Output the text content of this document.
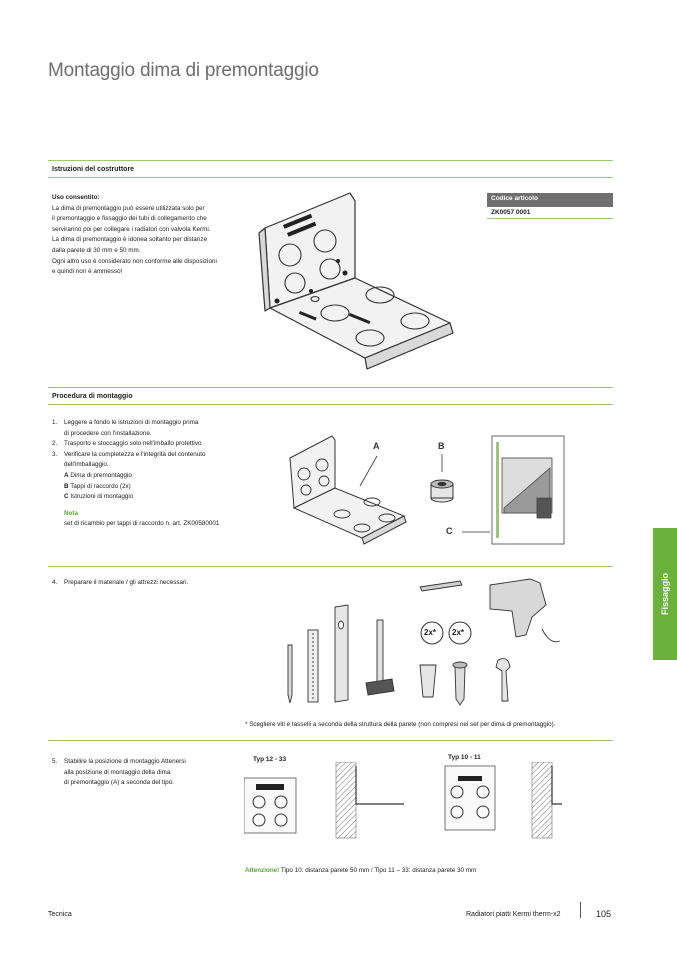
Montaggio dima di premontaggio
Istruzioni del costruttore
Uso consentito:
La dima di premontaggio può essere utilizzata solo per
il premontaggio e fissaggio dei tubi di collegamento che
serviranno poi per collegare i radiatori con valvola Kermi.
La dima di premontaggio è idonea soltanto per distanze
dalla parete di 30 mm e 50 mm.
Ogni altro uso è considerato non conforme alle disposizioni
e quindi non è ammesso!
Codice articolo
ZK0057 0001
Procedura di montaggio
1.	Leggere a fondo le istruzioni di montaggio prima
di procedere con l'installazione.
2.	Trasporto e stoccaggio solo nell'imballo protettivo
3.	Verificare la completezza e l'integrità del contenuto
dell'imballaggio.
A Dima di premontaggio
B Tappi di raccordo (2x)
C Istruzioni di montaggio
Nota
set di ricambio per tappi di raccordo n. art. ZK00580001
A	B
C
4.	Preparare il materiale / gli attrezzi necessari.
2x* 2x*
* Scegliere viti e tasselli a seconda della struttura della parete (non compresi nel set per dima di premontaggio).
5.	Stabilire la posizione di montaggio Attenersi
alla posizione di montaggio della dima
di premontaggio (A) a seconda del tipo.
Typ 12 - 33	Typ 10 - 11
Attenzione! Tipo 10: distanza parete 50 mm / Tipo 11 – 33: distanza parete 30 mm
Fissaggio
Tecnica	Radiatori piatti Kermi therm-x2	105
